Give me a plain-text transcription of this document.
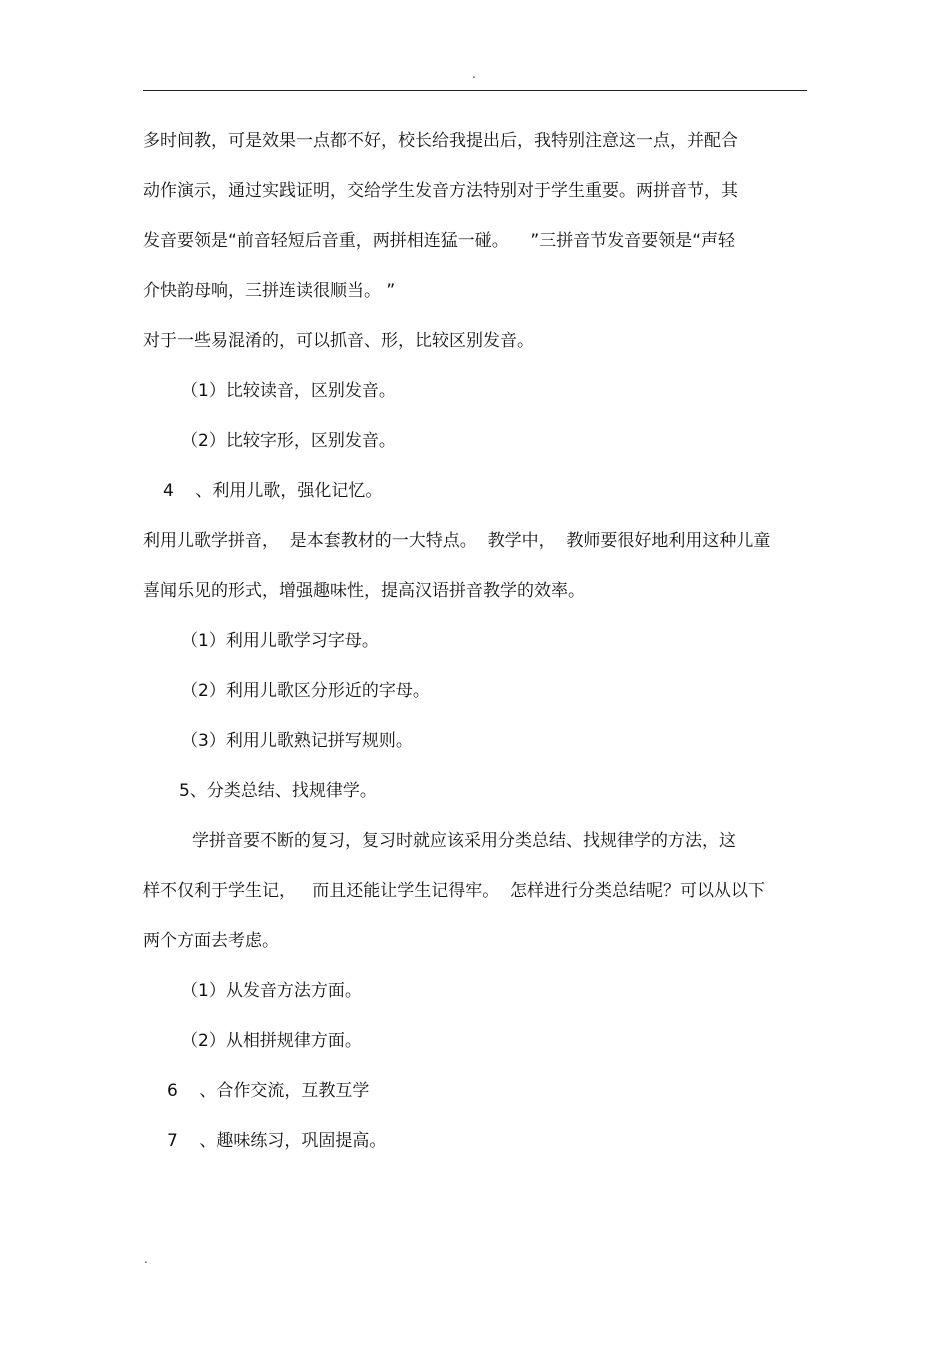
.
多时间教，可是效果一点都不好，校长给我提出后，我特别注意这一点，并配合
动作演示，通过实践证明，交给学生发音方法特别对于学生重要。两拼音节，其
发音要领是“前音轻短后音重，两拼相连猛一碰。    ”三拼音节发音要领是“声轻
介快韵母响，三拼连读很顺当。 ”
对于一些易混淆的，可以抓音、形，比较区别发音。
（1）比较读音，区别发音。
（2）比较字形，区别发音。
4    、利用儿歌，强化记忆。
利用儿歌学拼音，  是本套教材的一大特点。  教学中，  教师要很好地利用这种儿童
喜闻乐见的形式，增强趣味性，提高汉语拼音教学的效率。
（1）利用儿歌学习字母。
（2）利用儿歌区分形近的字母。
（3）利用儿歌熟记拼写规则。
5、分类总结、找规律学。
学拼音要不断的复习，复习时就应该采用分类总结、找规律学的方法，这
样不仅利于学生记，   而且还能让学生记得牢。  怎样进行分类总结呢？可以从以下
两个方面去考虑。
（1）从发音方法方面。
（2）从相拼规律方面。
6    、合作交流，互教互学
7    、趣味练习，巩固提高。
.
